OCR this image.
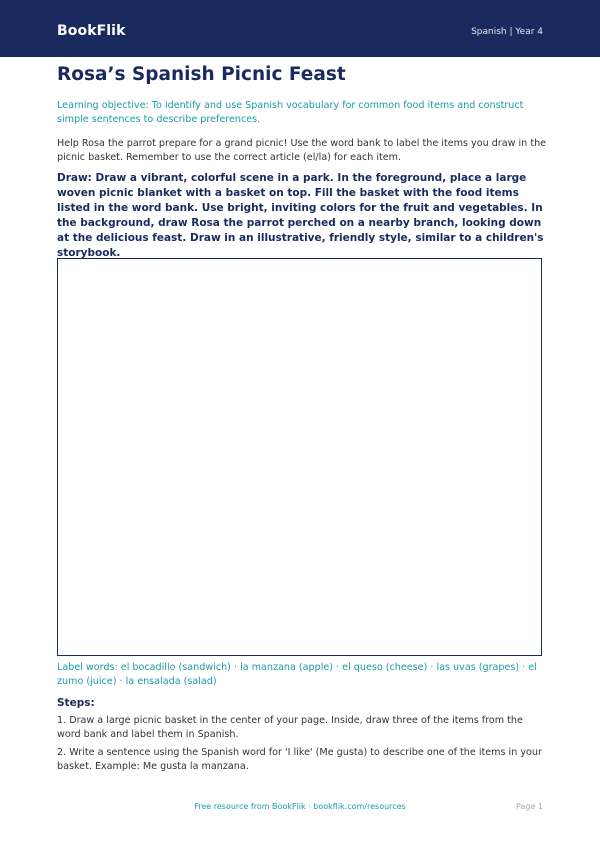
BookFlik	Spanish | Year 4
Rosa’s Spanish Picnic Feast

Learning objective: To identify and use Spanish vocabulary for common food items and construct simple sentences to describe preferences.

Help Rosa the parrot prepare for a grand picnic! Use the word bank to label the items you draw in the picnic basket. Remember to use the correct article (el/la) for each item.

Draw: Draw a vibrant, colorful scene in a park. In the foreground, place a large woven picnic blanket with a basket on top. Fill the basket with the food items listed in the word bank. Use bright, inviting colors for the fruit and vegetables. In the background, draw Rosa the parrot perched on a nearby branch, looking down at the delicious feast. Draw in an illustrative, friendly style, similar to a children's storybook.

Label words: el bocadillo (sandwich) · la manzana (apple) · el queso (cheese) · las uvas (grapes) · el zumo (juice) · la ensalada (salad)

Steps:

1. Draw a large picnic basket in the center of your page. Inside, draw three of the items from the word bank and label them in Spanish.
2. Write a sentence using the Spanish word for 'I like' (Me gusta) to describe one of the items in your basket. Example: Me gusta la manzana.
Free resource from BookFlik · bookflik.com/resources	Page 1
